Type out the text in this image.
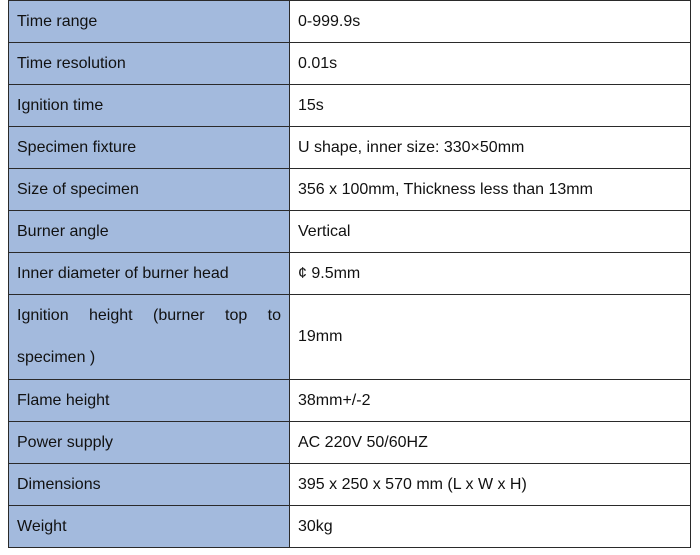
Time range	0-999.9s
Time resolution	0.01s
Ignition time	15s
Specimen fixture	U shape, inner size: 330×50mm
Size of specimen	356 x 100mm, Thickness less than 13mm
Burner angle	Vertical
Inner diameter of burner head	¢ 9.5mm
Ignition height (burner top to specimen )	19mm
Flame height	38mm+/-2
Power supply	AC 220V 50/60HZ
Dimensions	395 x 250 x 570 mm (L x W x H)
Weight	30kg
